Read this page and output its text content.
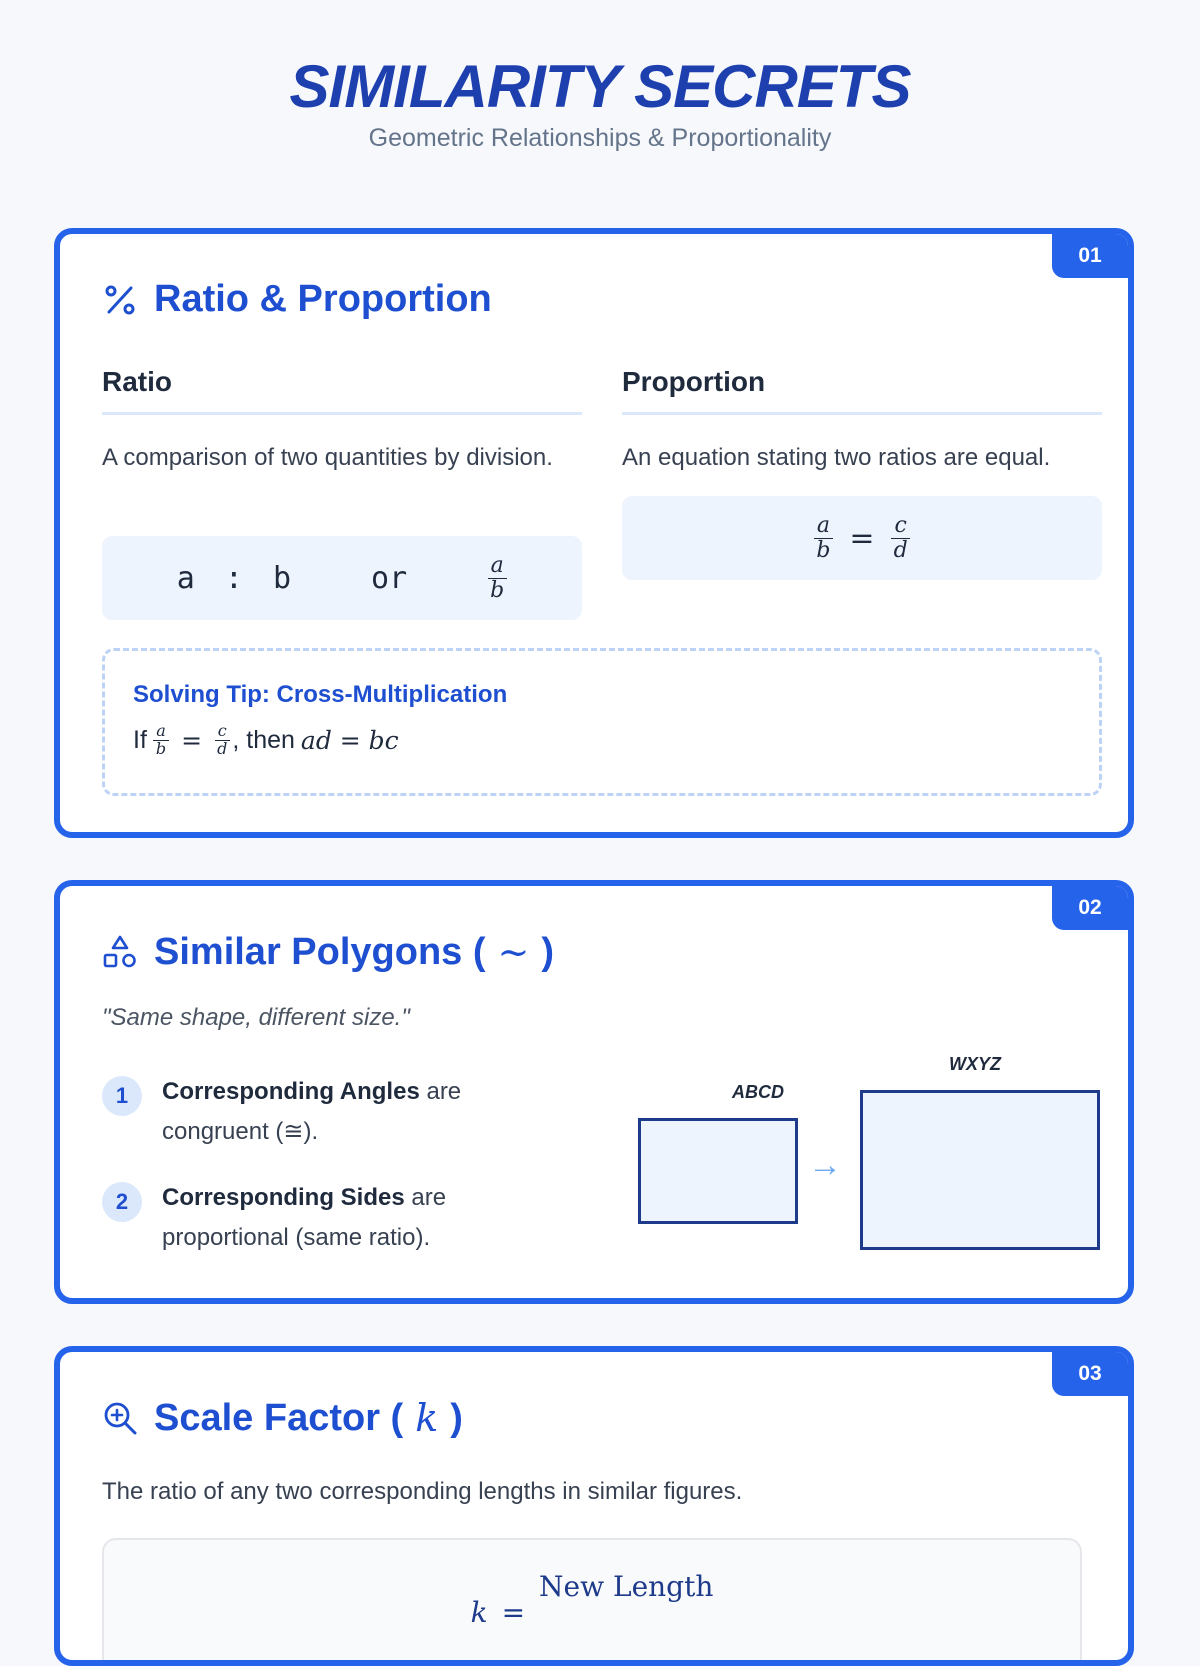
SIMILARITY SECRETS
Geometric Relationships & Proportionality
01
Ratio & Proportion
Ratio
A comparison of two quantities by division.
a : b	or	$\frac{a}{b}$
Proportion
An equation stating two ratios are equal.
$\frac{a}{b} = \frac{c}{d}$
Solving Tip: Cross-Multiplication
If $\frac{a}{b} = \frac{c}{d}$ , then ad = bc
02
Similar Polygons ( ∼ )
"Same shape, different size."
1	Corresponding Angles are congruent (≅).
2	Corresponding Sides are proportional (same ratio).
ABCD
→
WXYZ
03
Scale Factor ( k )
The ratio of any two corresponding lengths in similar figures.
k =
New Length
